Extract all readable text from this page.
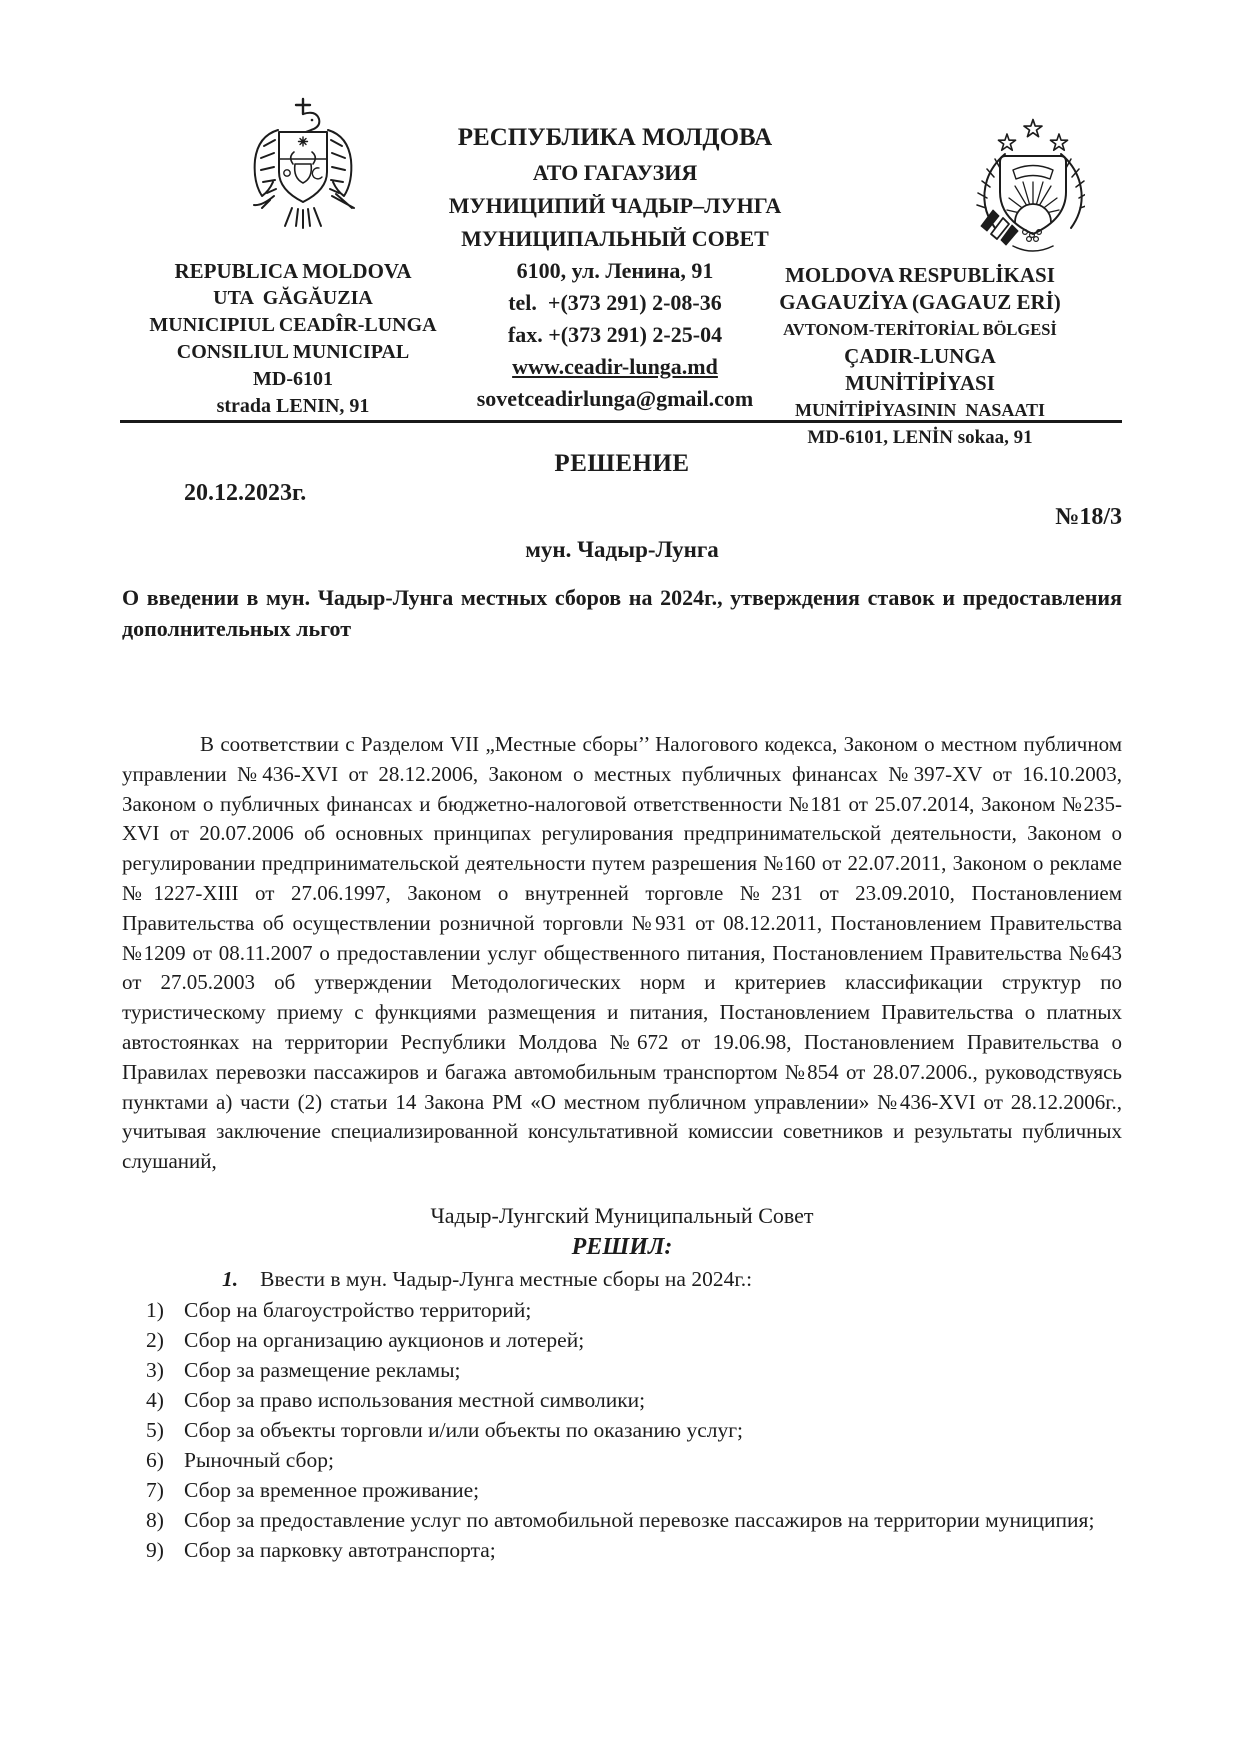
REPUBLICA MOLDOVA
UTA  GĂGĂUZIA
MUNICIPIUL CEADÎR-LUNGA
CONSILIUL MUNICIPAL
MD-6101
strada LENIN, 91
РЕСПУБЛИКА МОЛДОВА
АТО ГАГАУЗИЯ
МУНИЦИПИЙ ЧАДЫР–ЛУНГА
МУНИЦИПАЛЬНЫЙ СОВЕТ
6100, ул. Ленина, 91
tel.  +(373 291) 2-08-36
fax. +(373 291) 2-25-04
www.ceadir-lunga.md
sovetceadirlunga@gmail.com
MOLDOVA RESPUBLİKASI
GAGAUZİYA (GAGAUZ ERİ)
AVTONOM-TERİTORİAL BÖLGESİ
ÇADIR-LUNGA
MUNİTİPİYASI
MUNİTİPİYASININ  NASAATI
MD-6101, LENİN sokaa, 91
РЕШЕНИЕ
20.12.2023г.
№18/3
мун. Чадыр-Лунга
О введении в мун. Чадыр-Лунга местных сборов на 2024г., утверждения ставок и предоставления дополнительных льгот

В соответствии с Разделом VII „Местные сборы’’ Налогового кодекса, Законом о местном публичном управлении №436-XVI от 28.12.2006, Законом о местных публичных финансах №397-XV от 16.10.2003, Законом о публичных финансах и бюджетно-налоговой ответственности №181 от 25.07.2014, Законом №235-XVI от 20.07.2006 об основных принципах регулирования предпринимательской деятельности, Законом о регулировании предпринимательской деятельности путем разрешения №160 от 22.07.2011, Законом о рекламе №1227-XIII от 27.06.1997, Законом о внутренней торговле №231 от 23.09.2010, Постановлением Правительства об осуществлении розничной торговли №931 от 08.12.2011, Постановлением Правительства №1209 от 08.11.2007 о предоставлении услуг общественного питания, Постановлением Правительства №643 от 27.05.2003 об утверждении Методологических норм и критериев классификации структур по туристическому приему с функциями размещения и питания, Постановлением Правительства о платных автостоянках на территории Республики Молдова №672 от 19.06.98, Постановлением Правительства о Правилах перевозки пассажиров и багажа автомобильным транспортом №854 от 28.07.2006., руководствуясь пунктами а) части (2) статьи 14 Закона РМ «О местном публичном управлении» №436-XVI от 28.12.2006г., учитывая заключение специализированной консультативной комиссии советников и результаты публичных слушаний,

Чадыр-Лунгский Муниципальный Совет
РЕШИЛ:
1. Ввести в мун. Чадыр-Лунга местные сборы на 2024г.:
1) Сбор на благоустройство территорий;
2) Сбор на организацию аукционов и лотерей;
3) Сбор за размещение рекламы;
4) Сбор за право использования местной символики;
5) Сбор за объекты торговли и/или объекты по оказанию услуг;
6) Рыночный сбор;
7) Сбор за временное проживание;
8) Сбор за предоставление услуг по автомобильной перевозке пассажиров на территории муниципия;
9) Сбор за парковку автотранспорта;
